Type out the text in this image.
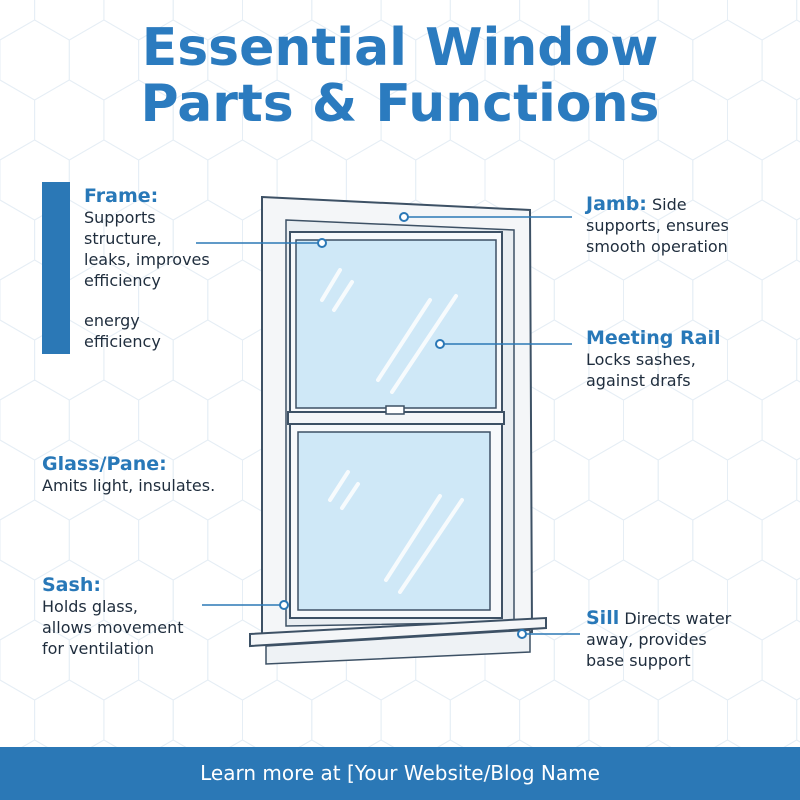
Essential Window
Parts & Functions
Frame:
Supports
structure,
leaks, improves
efficiency
energy
efficiency
Jamb: Side
supports, ensures
smooth operation
Meeting Rail
Locks sashes,
against drafs
Glass/Pane:
Amits light, insulates.
Sash:
Holds glass,
allows movement
for ventilation
Sill Directs water
away, provides
base support
Learn more at [Your Website/Blog Name
